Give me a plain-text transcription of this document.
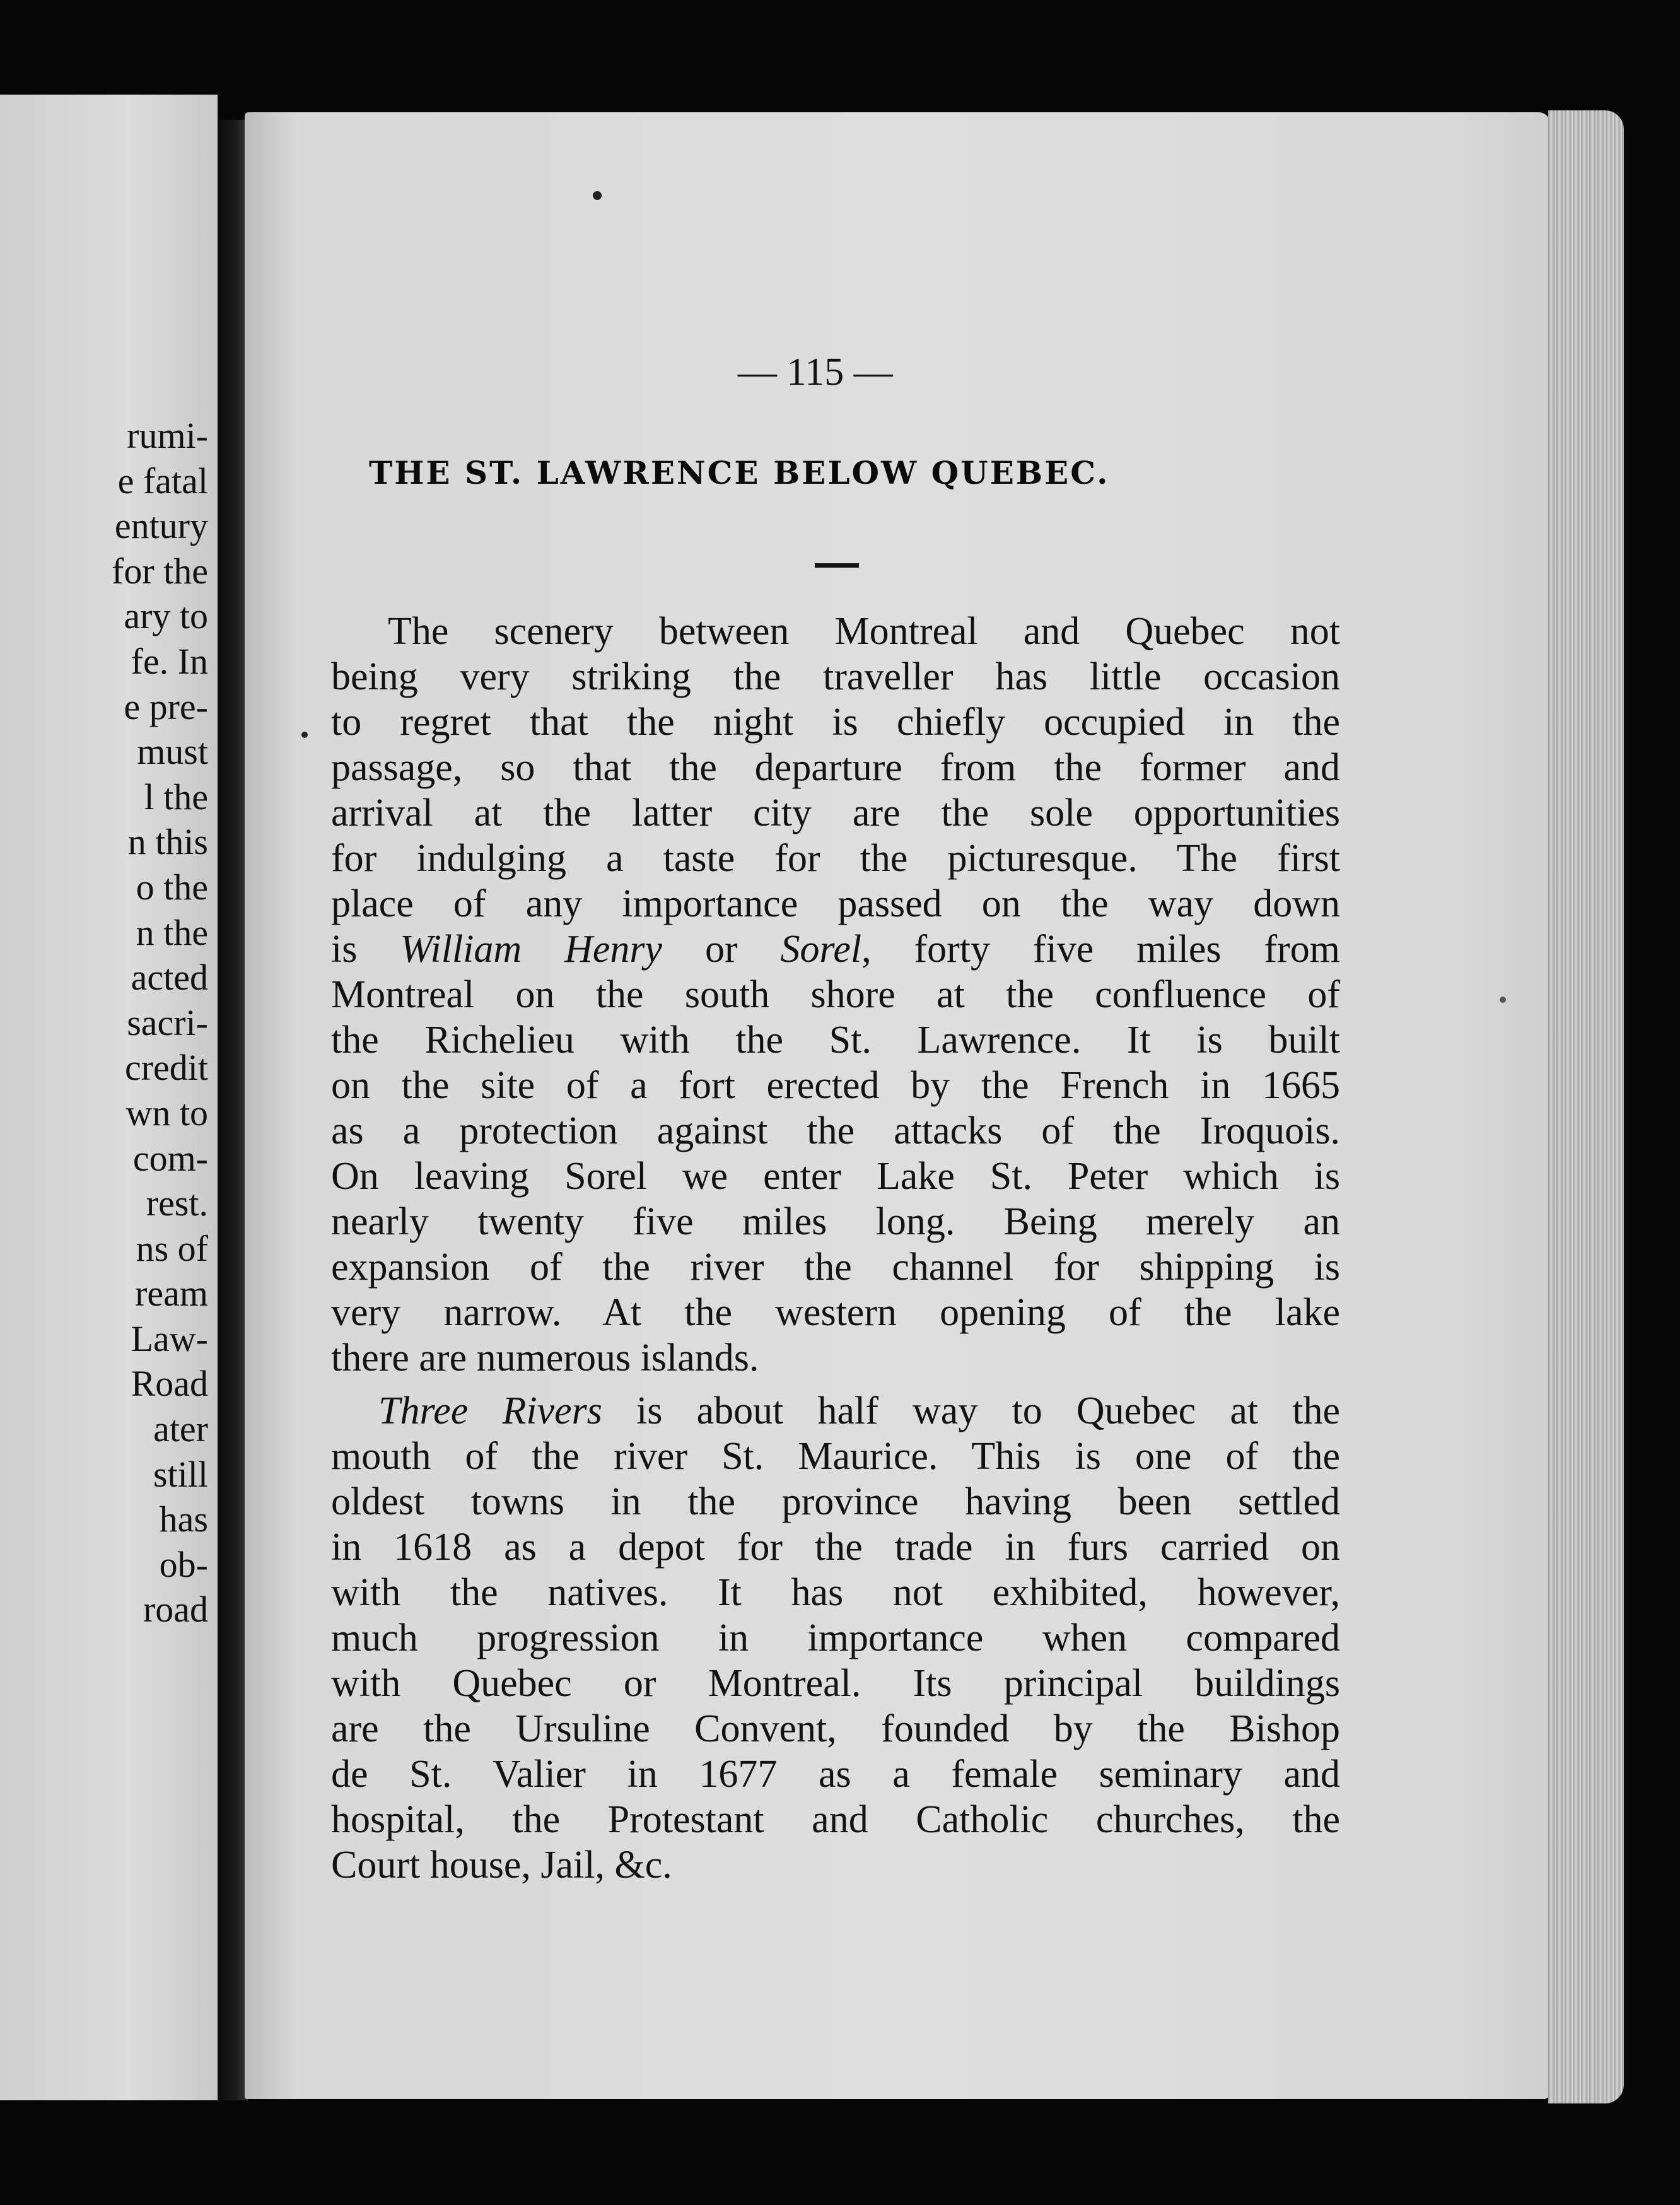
rumi-
e fatal
entury
for the
ary to
fe. In
e pre-
must
l the
n this
o the
n the
acted
sacri-
credit
wn to
com-
rest.
ns of
ream
Law-
Road
ater
still
has
ob-
road
— 115 —
THE ST. LAWRENCE BELOW QUEBEC.
The scenery between Montreal and Quebec not
being very striking the traveller has little occasion
to regret that the night is chiefly occupied in the
passage, so that the departure from the former and
arrival at the latter city are the sole opportunities
for indulging a taste for the picturesque. The first
place of any importance passed on the way down
is William Henry or Sorel, forty five miles from
Montreal on the south shore at the confluence of
the Richelieu with the St. Lawrence. It is built
on the site of a fort erected by the French in 1665
as a protection against the attacks of the Iroquois.
On leaving Sorel we enter Lake St. Peter which is
nearly twenty five miles long. Being merely an
expansion of the river the channel for shipping is
very narrow. At the western opening of the lake
there are numerous islands.
Three Rivers is about half way to Quebec at the
mouth of the river St. Maurice. This is one of the
oldest towns in the province having been settled
in 1618 as a depot for the trade in furs carried on
with the natives. It has not exhibited, however,
much progression in importance when compared
with Quebec or Montreal. Its principal buildings
are the Ursuline Convent, founded by the Bishop
de St. Valier in 1677 as a female seminary and
hospital, the Protestant and Catholic churches, the
Court house, Jail, &c.
